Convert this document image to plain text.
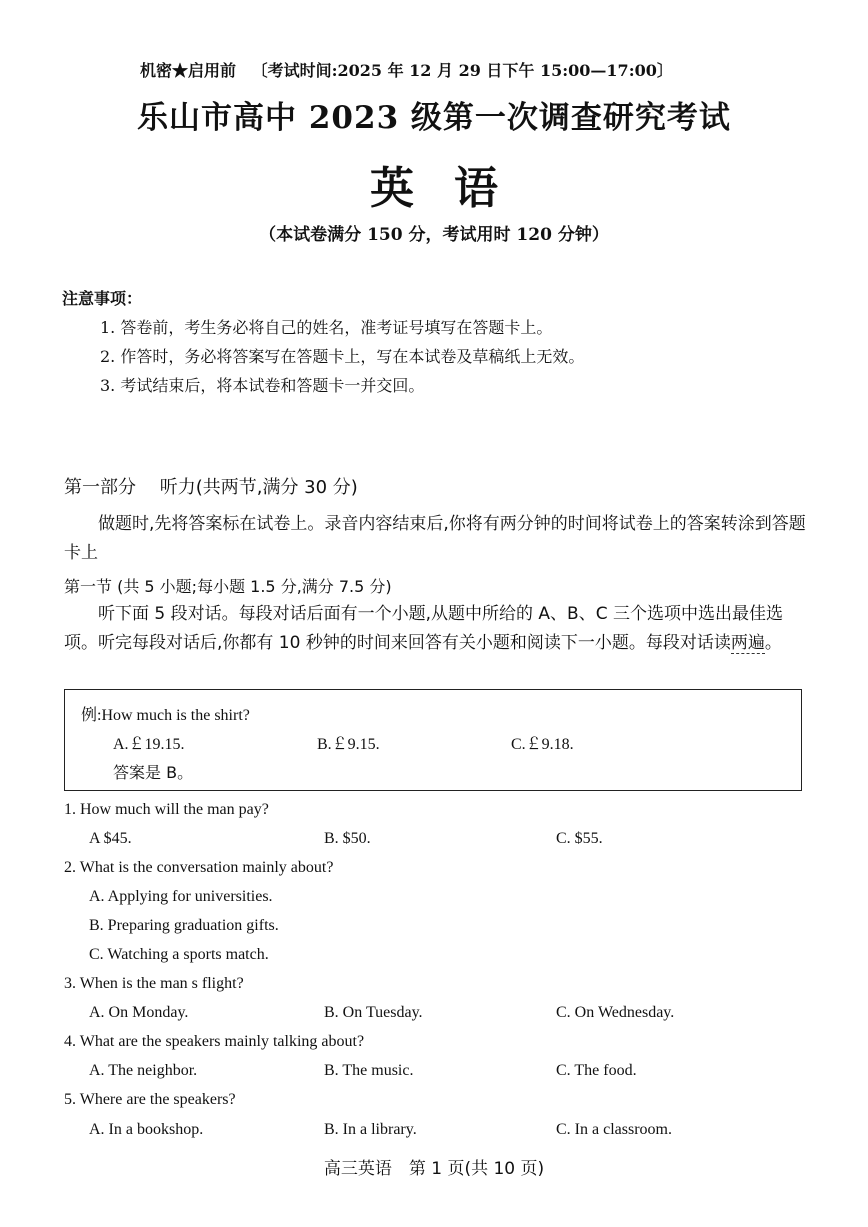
机密★启用前 〔考试时间:2025 年 12 月 29 日下午 15:00—17:00〕
乐山市高中 2023 级第一次调查研究考试
英语
（本试卷满分 150 分，考试用时 120 分钟）
注意事项：
1. 答卷前，考生务必将自己的姓名，准考证号填写在答题卡上。
2. 作答时，务必将答案写在答题卡上，写在本试卷及草稿纸上无效。
3. 考试结束后，将本试卷和答题卡一并交回。
第一部分　 听力(共两节,满分 30 分)
做题时,先将答案标在试卷上。录音内容结束后,你将有两分钟的时间将试卷上的答案转涂到答题卡上
第一节 (共 5 小题;每小题 1.5 分,满分 7.5 分)
听下面 5 段对话。每段对话后面有一个小题,从题中所给的 A、B、C 三个选项中选出最佳选项。听完每段对话后,你都有 10 秒钟的时间来回答有关小题和阅读下一小题。每段对话读两遍。
例:How much is the shirt?
A.￡19.15.	B.￡9.15.	C.￡9.18.
答案是 B。
1. How much will the man pay?
A $45.	B. $50.	C. $55.
2. What is the conversation mainly about?
A. Applying for universities.
B. Preparing graduation gifts.
C. Watching a sports match.
3. When is the man s flight?
A. On Monday.	B. On Tuesday.	C. On Wednesday.
4. What are the speakers mainly talking about?
A. The neighbor.	B. The music.	C. The food.
5. Where are the speakers?
A. In a bookshop.	B. In a library.	C. In a classroom.
高三英语　第 1 页(共 10 页)
